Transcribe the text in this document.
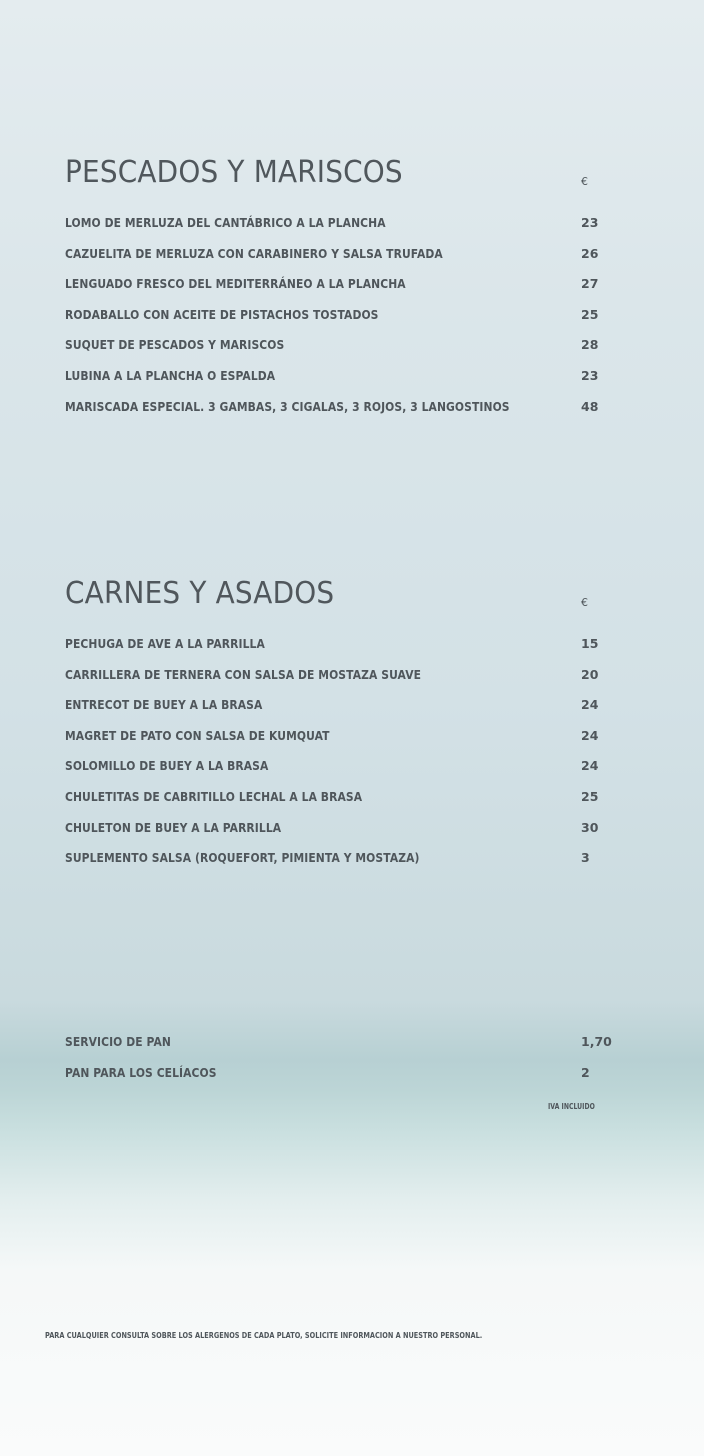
PESCADOS Y MARISCOS	€
LOMO DE MERLUZA DEL CANTÁBRICO A LA PLANCHA	23
CAZUELITA DE MERLUZA CON CARABINERO Y SALSA TRUFADA	26
LENGUADO FRESCO DEL MEDITERRÁNEO A LA PLANCHA	27
RODABALLO CON ACEITE DE PISTACHOS TOSTADOS	25
SUQUET DE PESCADOS Y MARISCOS	28
LUBINA A LA PLANCHA O ESPALDA	23
MARISCADA ESPECIAL. 3 GAMBAS, 3 CIGALAS, 3 ROJOS, 3 LANGOSTINOS	48
CARNES Y ASADOS	€
PECHUGA DE AVE A LA PARRILLA	15
CARRILLERA DE TERNERA CON SALSA DE MOSTAZA SUAVE	20
ENTRECOT DE BUEY A LA BRASA	24
MAGRET DE PATO CON SALSA DE KUMQUAT	24
SOLOMILLO DE BUEY A LA BRASA	24
CHULETITAS DE CABRITILLO LECHAL A LA BRASA	25
CHULETON DE BUEY A LA PARRILLA	30
SUPLEMENTO SALSA (ROQUEFORT, PIMIENTA Y MOSTAZA)	3
SERVICIO DE PAN	1,70
PAN PARA LOS CELÍACOS	2
IVA INCLUIDO
PARA CUALQUIER CONSULTA SOBRE LOS ALERGENOS DE CADA PLATO, SOLICITE INFORMACION A NUESTRO PERSONAL.
